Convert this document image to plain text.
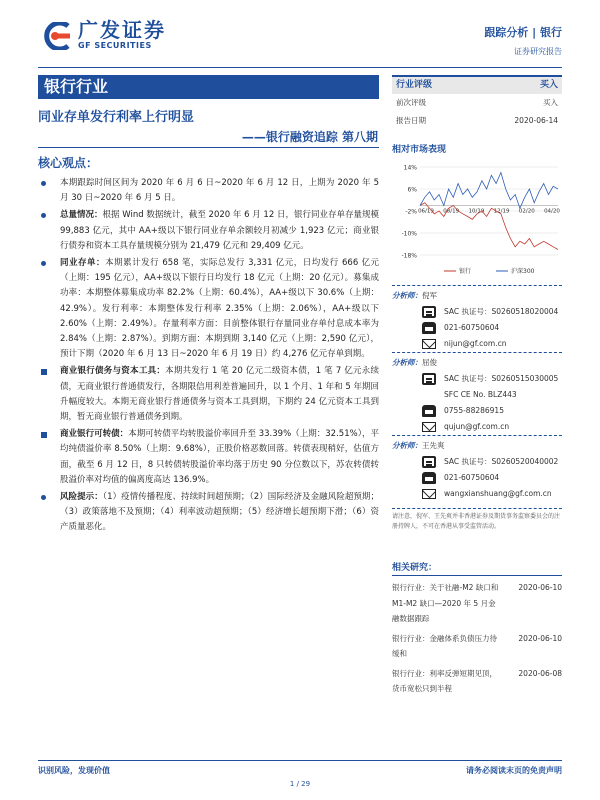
广发证券
GF SECURITIES
跟踪分析 | 银行
证券研究报告
银行行业
同业存单发行利率上行明显
——银行融资追踪 第八期
核心观点：
本期跟踪时间区间为 2020 年 6 月 6 日~2020 年 6 月 12 日，上期为 2020 年 5 月 30 日~2020 年 6 月 5 日。
总量情况：根据 Wind 数据统计，截至 2020 年 6 月 12 日，银行同业存单存量规模 99,883 亿元，其中 AA+级以下银行同业存单余额较月初减少 1,923 亿元；商业银行债券和资本工具存量规模分别为 21,479 亿元和 29,409 亿元。
同业存单：本期累计发行 658 笔，实际总发行 3,331 亿元，日均发行 666 亿元（上期：195 亿元），AA+级以下银行日均发行 18 亿元（上期：20 亿元）。募集成功率：本期整体募集成功率 82.2%（上期：60.4%），AA+级以下 30.6%（上期：42.9%）。发行利率：本期整体发行利率 2.35%（上期：2.06%），AA+级以下 2.60%（上期：2.49%）。存量利率方面：目前整体银行存量同业存单付息成本率为 2.84%（上期：2.87%）。到期方面：本期到期 3,140 亿元（上期：2,590 亿元），预计下期（2020 年 6 月 13 日~2020 年 6 月 19 日）约 4,276 亿元存单到期。
商业银行债务与资本工具：本期共发行 1 笔 20 亿元二级资本债，1 笔 7 亿元永续债，无商业银行普通债发行，各期限信用利差普遍回升，以 1 个月、1 年和 5 年期回升幅度较大。本期无商业银行普通债务与资本工具到期，下期约 24 亿元资本工具到期，暂无商业银行普通债务到期。
商业银行可转债：本期可转债平均转股溢价率回升至 33.39%（上期：32.51%），平均纯债溢价率 8.50%（上期：9.68%），正股价格恶数回落。转债表现稍好，估值方面，截至 6 月 12 日，8 只转债转股溢价率均落于历史 90 分位数以下，苏农转债转股溢价率对均值的偏离度高达 136.9%。
风险提示：（1）疫情传播程度、持续时间超预期；（2）国际经济及金融风险超预期；（3）政策落地不及预期；（4）利率波动超预期；（5）经济增长超预期下滑；（6）资产质量恶化。
行业评级	买入
前次评级	买入
报告日期	2020-06-14
相对市场表现
14%
6%
-2%
-10%
-18%
06/19 08/19 10/19 12/19 02/20 04/20
银行	沪深300
分析师： 倪军
SAC 执证号：S0260518020004
021-60750604
nijun@gf.com.cn
分析师： 屈俊
SAC 执证号：S0260515030005
SFC CE No. BLZ443
0755-88286915
qujun@gf.com.cn
分析师： 王先爽
SAC 执证号：S0260520040002
021-60750604
wangxianshuang@gf.com.cn
请注意，倪军、王先爽并非香港证券及期货事务监察委员会的注册持牌人，不可在香港从事受监管活动。
相关研究：
银行行业：关于社融-M2 缺口和 M1-M2 缺口—2020 年 5 月金融数据跟踪
2020-06-10
银行行业：金融体系负债压力待缓和
2020-06-10
银行行业：利率反弹短期见顶，货币宽松只到半程
2020-06-08
识别风险，发现价值	请务必阅读末页的免责声明
1 / 29
